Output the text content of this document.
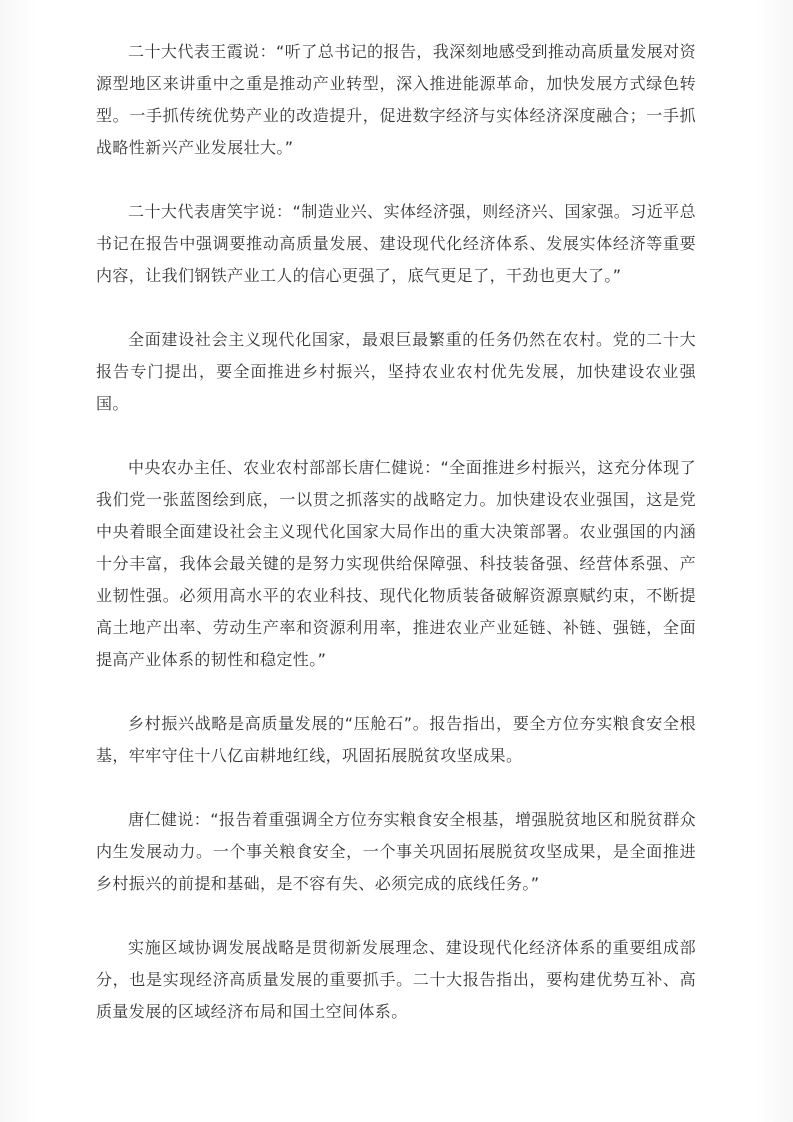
二十大代表王霞说：“听了总书记的报告，我深刻地感受到推动高质量发展对资源型地区来讲重中之重是推动产业转型，深入推进能源革命，加快发展方式绿色转型。一手抓传统优势产业的改造提升，促进数字经济与实体经济深度融合；一手抓战略性新兴产业发展壮大。”

二十大代表唐笑宇说：“制造业兴、实体经济强，则经济兴、国家强。习近平总书记在报告中强调要推动高质量发展、建设现代化经济体系、发展实体经济等重要内容，让我们钢铁产业工人的信心更强了，底气更足了，干劲也更大了。”

全面建设社会主义现代化国家，最艰巨最繁重的任务仍然在农村。党的二十大报告专门提出，要全面推进乡村振兴，坚持农业农村优先发展，加快建设农业强国。

中央农办主任、农业农村部部长唐仁健说：“全面推进乡村振兴，这充分体现了我们党一张蓝图绘到底，一以贯之抓落实的战略定力。加快建设农业强国，这是党中央着眼全面建设社会主义现代化国家大局作出的重大决策部署。农业强国的内涵十分丰富，我体会最关键的是努力实现供给保障强、科技装备强、经营体系强、产业韧性强。必须用高水平的农业科技、现代化物质装备破解资源禀赋约束，不断提高土地产出率、劳动生产率和资源利用率，推进农业产业延链、补链、强链，全面提高产业体系的韧性和稳定性。”

乡村振兴战略是高质量发展的“压舱石”。报告指出，要全方位夯实粮食安全根基，牢牢守住十八亿亩耕地红线，巩固拓展脱贫攻坚成果。

唐仁健说：“报告着重强调全方位夯实粮食安全根基，增强脱贫地区和脱贫群众内生发展动力。一个事关粮食安全，一个事关巩固拓展脱贫攻坚成果，是全面推进乡村振兴的前提和基础，是不容有失、必须完成的底线任务。”

实施区域协调发展战略是贯彻新发展理念、建设现代化经济体系的重要组成部分，也是实现经济高质量发展的重要抓手。二十大报告指出，要构建优势互补、高质量发展的区域经济布局和国土空间体系。
